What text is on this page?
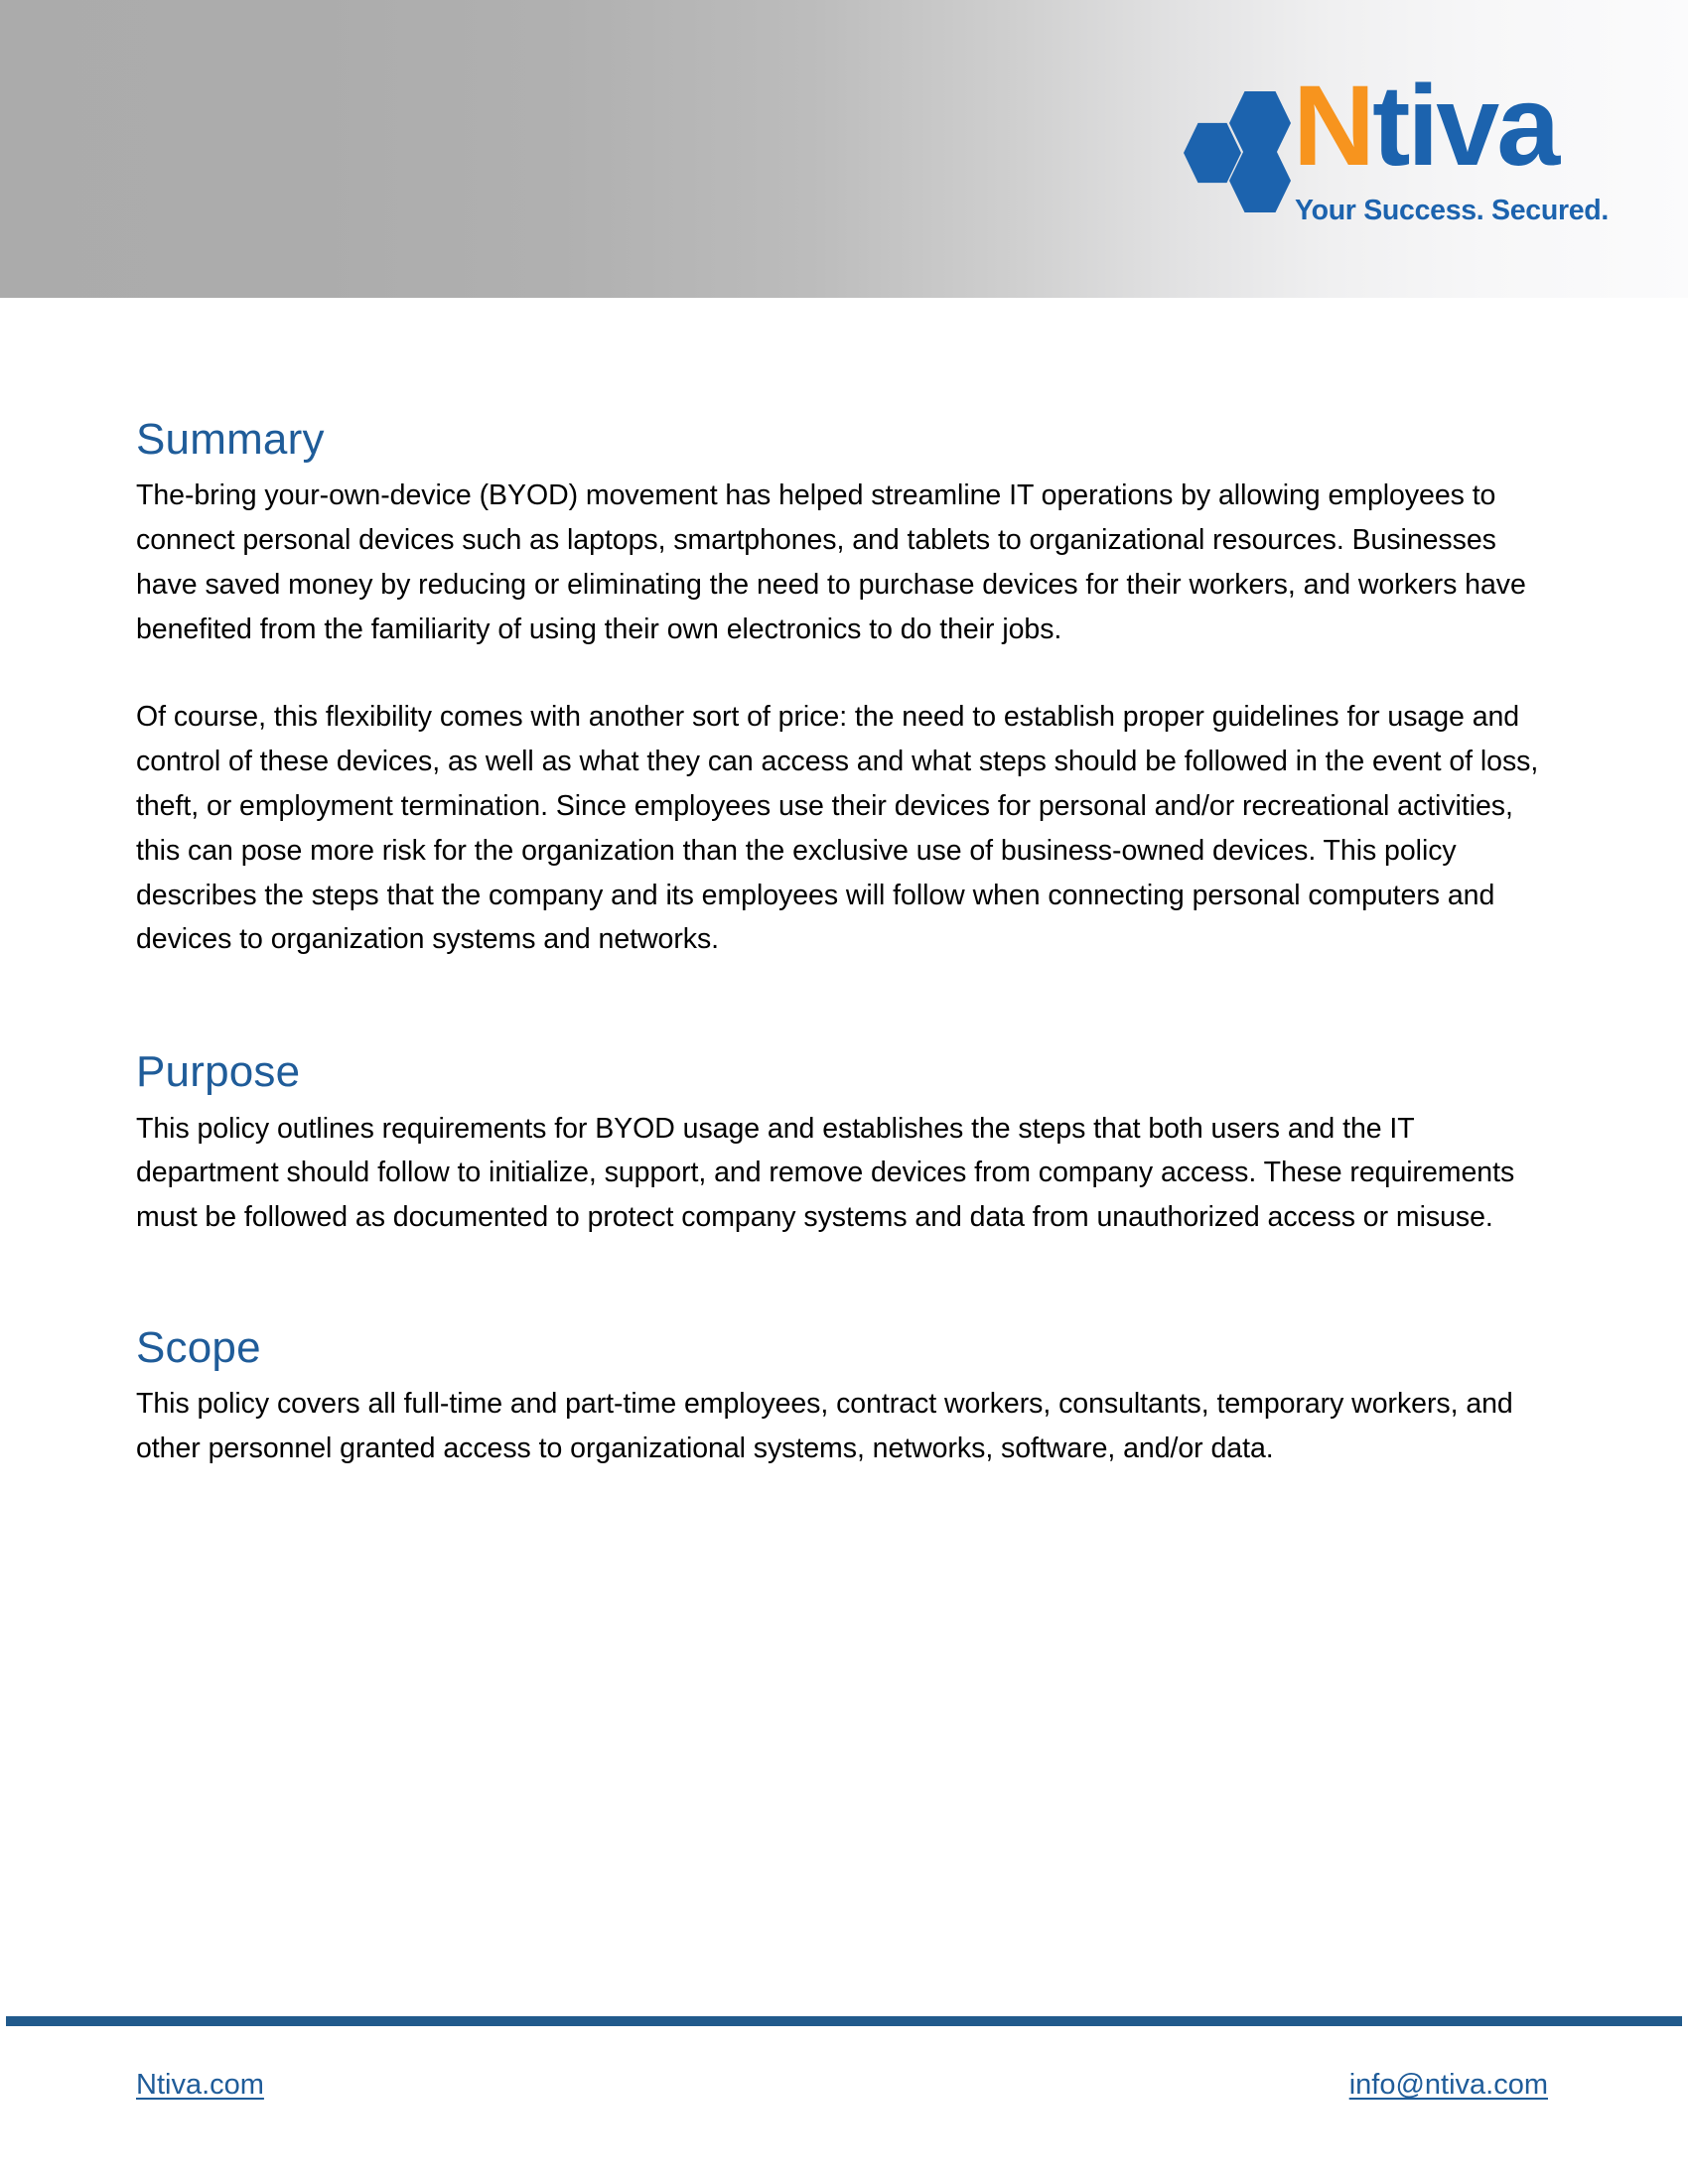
Ntiva
Your Success. Secured.
Summary

The-bring your-own-device (BYOD) movement has helped streamline IT operations by allowing employees to connect personal devices such as laptops, smartphones, and tablets to organizational resources. Businesses have saved money by reducing or eliminating the need to purchase devices for their workers, and workers have benefited from the familiarity of using their own electronics to do their jobs.

Of course, this flexibility comes with another sort of price: the need to establish proper guidelines for usage and control of these devices, as well as what they can access and what steps should be followed in the event of loss, theft, or employment termination. Since employees use their devices for personal and/or recreational activities, this can pose more risk for the organization than the exclusive use of business-owned devices. This policy describes the steps that the company and its employees will follow when connecting personal computers and devices to organization systems and networks.

Purpose

This policy outlines requirements for BYOD usage and establishes the steps that both users and the IT department should follow to initialize, support, and remove devices from company access. These requirements must be followed as documented to protect company systems and data from unauthorized access or misuse.

Scope

This policy covers all full-time and part-time employees, contract workers, consultants, temporary workers, and other personnel granted access to organizational systems, networks, software, and/or data.

Ntiva.com	info@ntiva.com
